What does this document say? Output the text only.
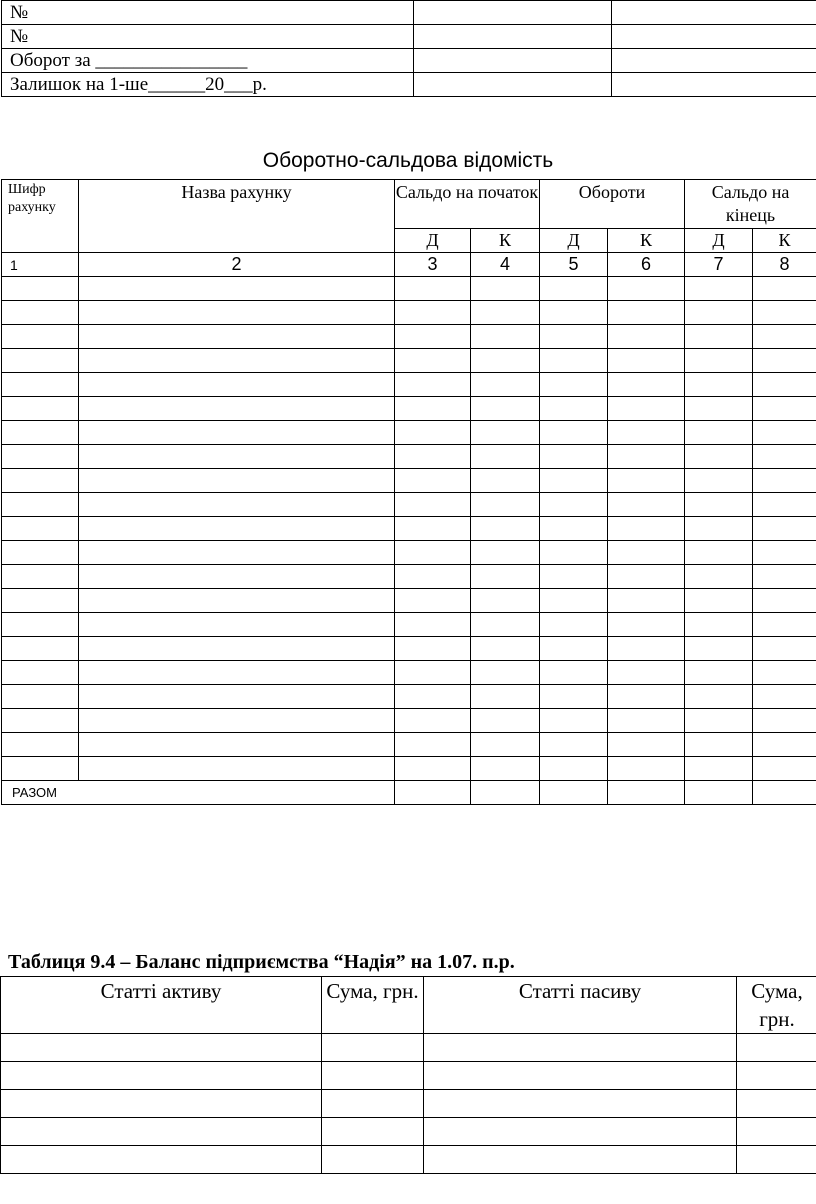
№		
№		
Оборот за ________________		
Залишок на 1-ше______20___р.		
Оборотно-сальдова відомість
Шифр рахунку	Назва рахунку	Сальдо на початок		Обороти		Сальдо на кінець	
		Д	К	Д	К	Д	К
1	2	3	4	5	6	7	8

РАЗОМ							
Таблиця 9.4 – Баланс підприємства “Надія” на 1.07. п.р.
Статті активу	Сума, грн.	Статті пасиву	Сума, грн.
